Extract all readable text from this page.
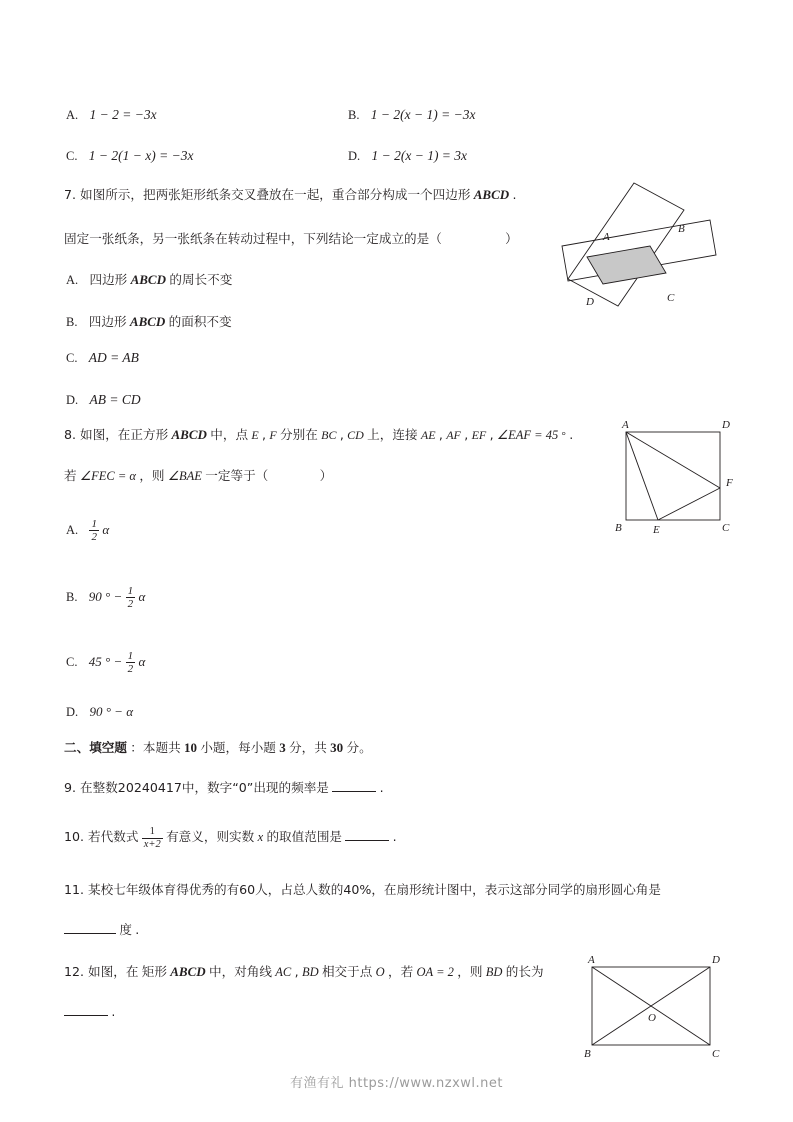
A. 1 − 2 = −3x	B. 1 − 2(x − 1) = −3x
C. 1 − 2(1 − x) = −3x	D. 1 − 2(x − 1) = 3x
7. 如图所示，把两张矩形纸条交叉叠放在一起，重合部分构成一个四边形 ABCD .
固定一张纸条，另一张纸条在转动过程中，下列结论一定成立的是（	）
A. 四边形 ABCD 的周长不变
B. 四边形 ABCD 的面积不变
C. AD = AB
D. AB = CD
A
B
C
D
8. 如图，在正方形 ABCD 中，点 E , F 分别在 BC , CD 上，连接 AE , AF , EF , ∠EAF = 45 ° .
若 ∠FEC = α ，则 ∠BAE 一定等于（	）
A. $\frac{1}{2}$ α
B. 90 ° − $\frac{1}{2}$ α
C. 45 ° − $\frac{1}{2}$ α
D. 90 ° − α
A	D
F
B	E	C
二、填空题 ：本题共 10 小题，每小题 3 分，共 30 分。
9. 在整数20240417中，数字“0”出现的频率是	.
10. 若代数式 $\frac{1}{x+2}$ 有意义，则实数 x 的取值范围是	.
11. 某校七年级体育得优秀的有60人，占总人数的40%，在扇形统计图中，表示这部分同学的扇形圆心角是
度 .
12. 如图，在 矩形 ABCD 中，对角线 AC , BD 相交于点 O ，若 OA = 2 ，则 BD 的长为
.
A	D
O
B	C
有渔有礼 https://www.nzxwl.net
